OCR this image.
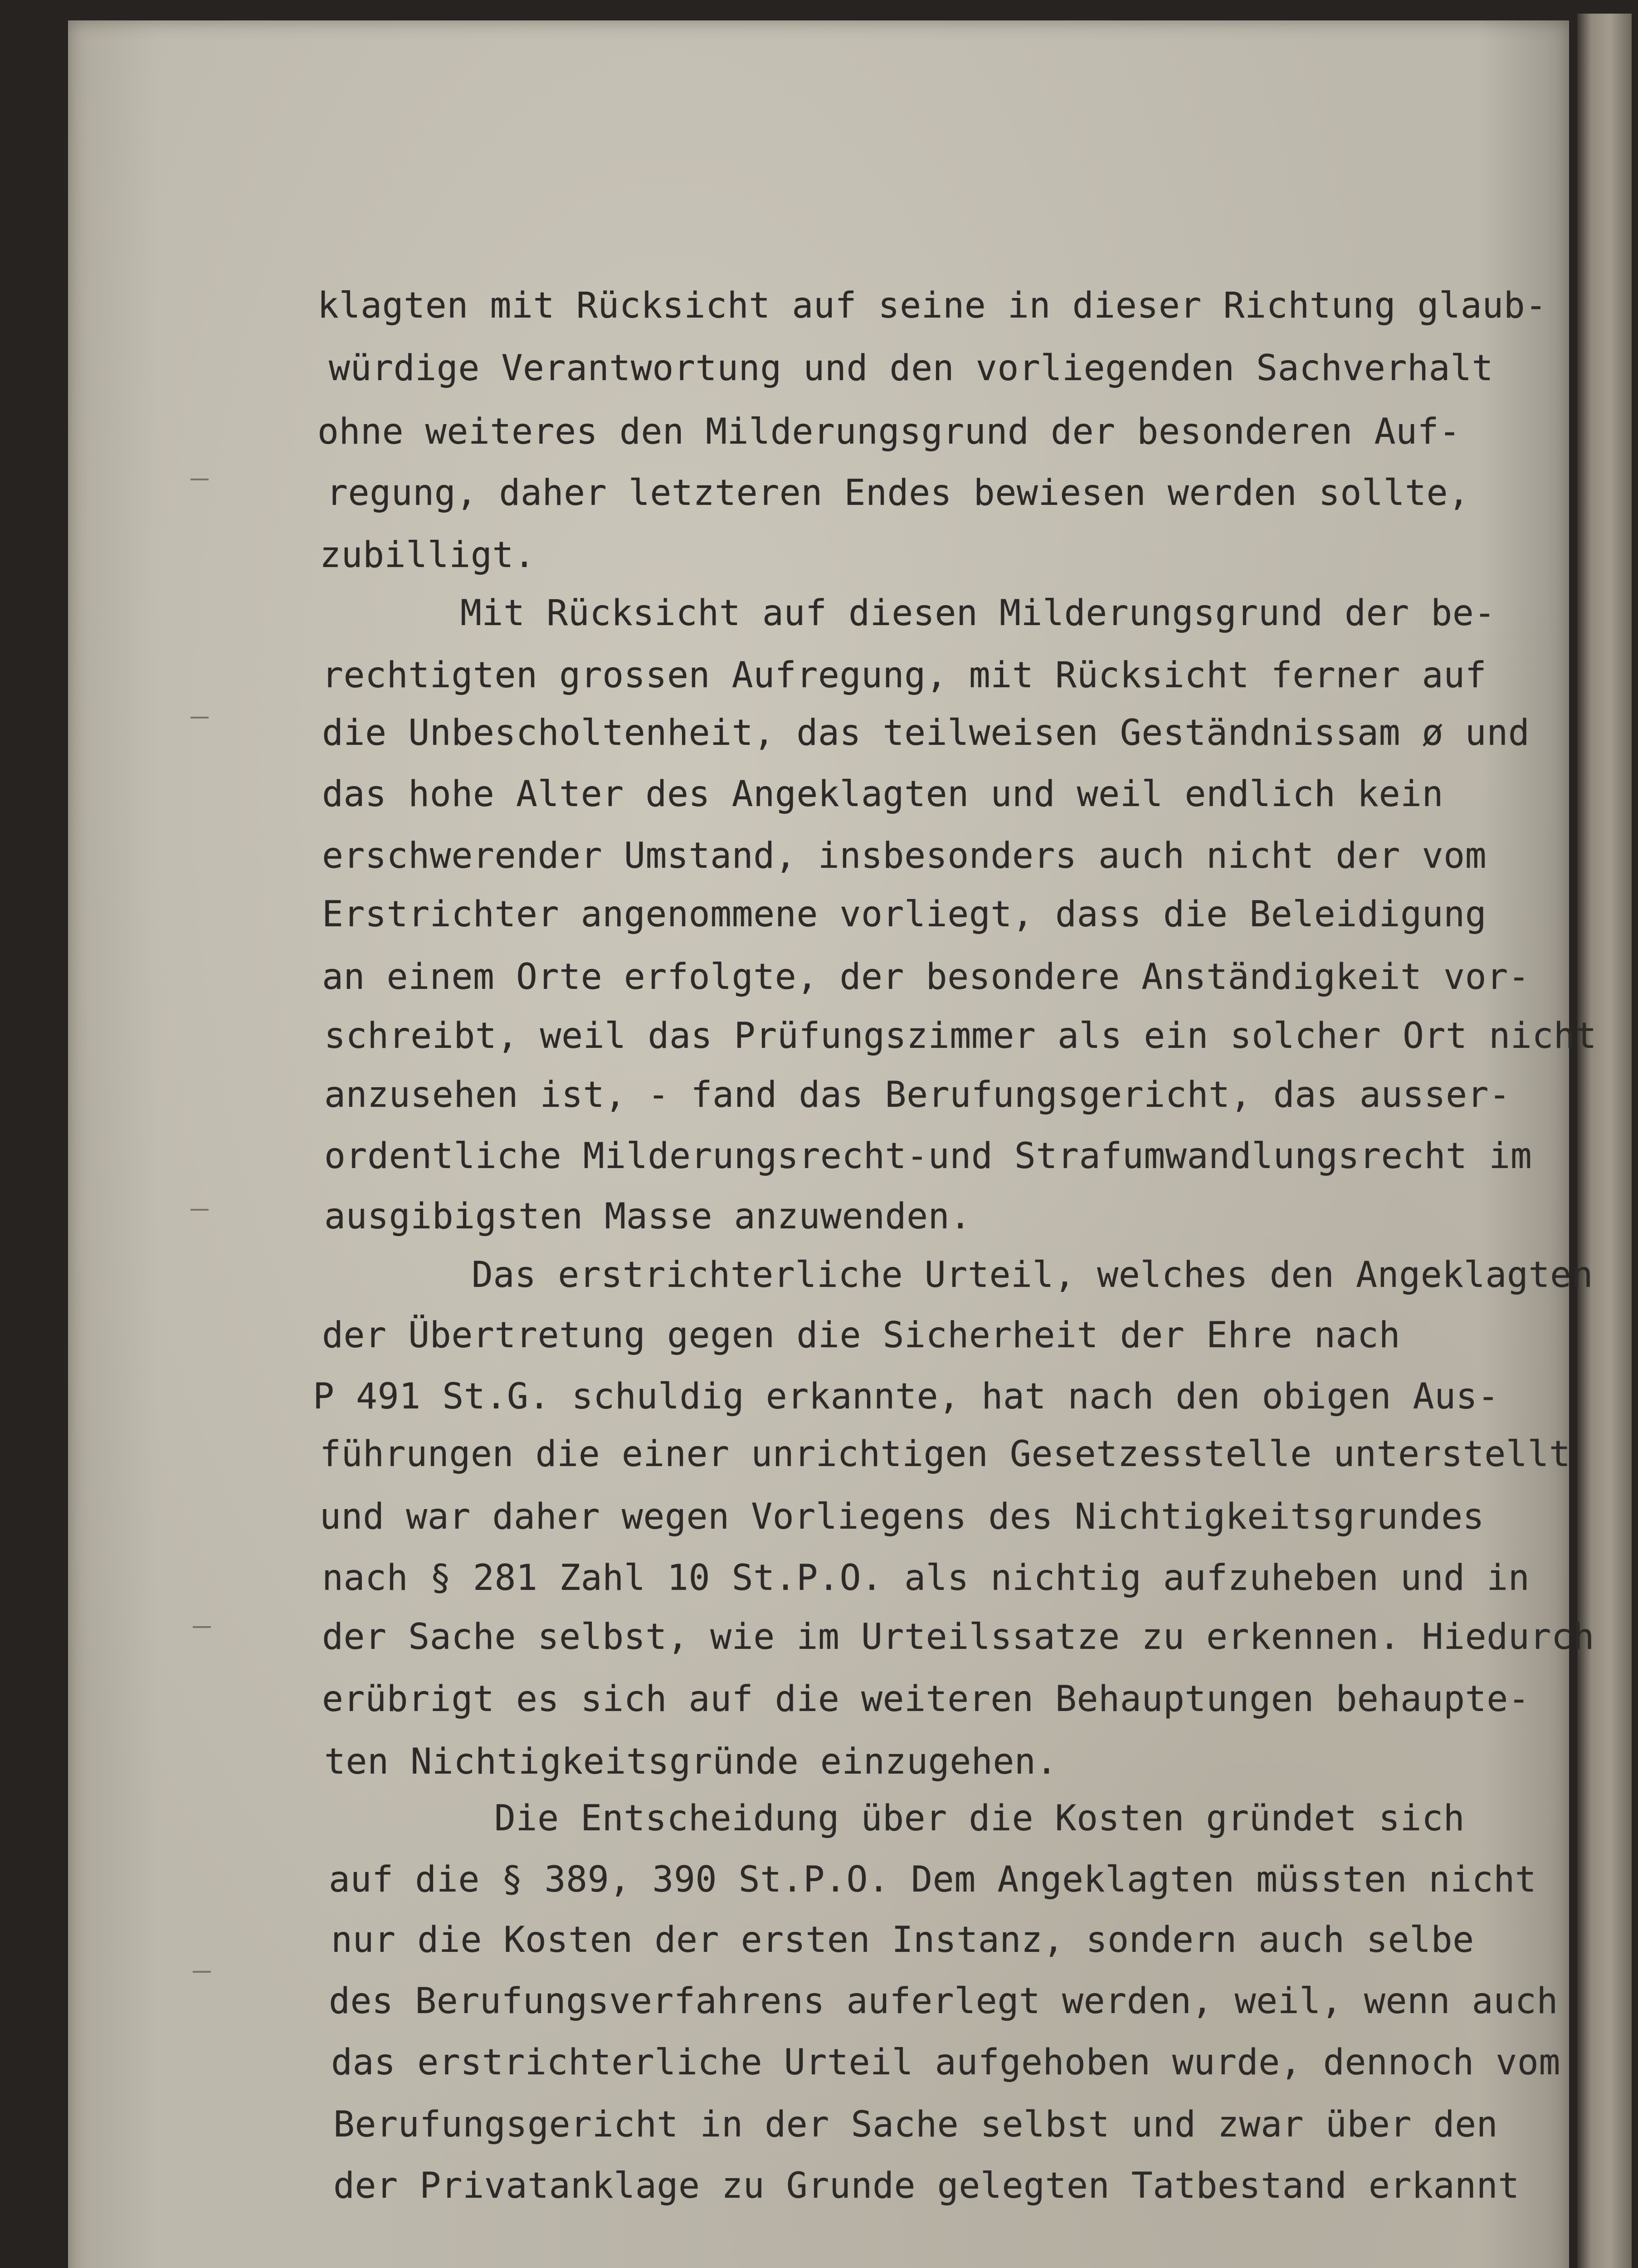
klagten mit Rücksicht auf seine in dieser Richtung glaub-
würdige Verantwortung und den vorliegenden Sachverhalt
ohne weiteres den Milderungsgrund der besonderen Auf-
regung, daher letzteren Endes bewiesen werden sollte,
zubilligt.
Mit Rücksicht auf diesen Milderungsgrund der be-
rechtigten grossen Aufregung, mit Rücksicht ferner auf
die Unbescholtenheit, das teilweisen Geständnissam ø und
das hohe Alter des Angeklagten und weil endlich kein
erschwerender Umstand, insbesonders auch nicht der vom
Erstrichter angenommene vorliegt, dass die Beleidigung
an einem Orte erfolgte, der besondere Anständigkeit vor-
schreibt, weil das Prüfungszimmer als ein solcher Ort nicht
anzusehen ist, - fand das Berufungsgericht, das ausser-
ordentliche Milderungsrecht-und Strafumwandlungsrecht im
ausgibigsten Masse anzuwenden.
Das erstrichterliche Urteil, welches den Angeklagten
der Übertretung gegen die Sicherheit der Ehre nach
P 491 St.G. schuldig erkannte, hat nach den obigen Aus-
führungen die einer unrichtigen Gesetzesstelle unterstellt
und war daher wegen Vorliegens des Nichtigkeitsgrundes
nach § 281 Zahl 10 St.P.O. als nichtig aufzuheben und in
der Sache selbst, wie im Urteilssatze zu erkennen. Hiedurch
erübrigt es sich auf die weiteren Behauptungen behaupte-
ten Nichtigkeitsgründe einzugehen.
Die Entscheidung über die Kosten gründet sich
auf die § 389, 390 St.P.O. Dem Angeklagten müssten nicht
nur die Kosten der ersten Instanz, sondern auch selbe
des Berufungsverfahrens auferlegt werden, weil, wenn auch
das erstrichterliche Urteil aufgehoben wurde, dennoch vom
Berufungsgericht in der Sache selbst und zwar über den
der Privatanklage zu Grunde gelegten Tatbestand erkannt
